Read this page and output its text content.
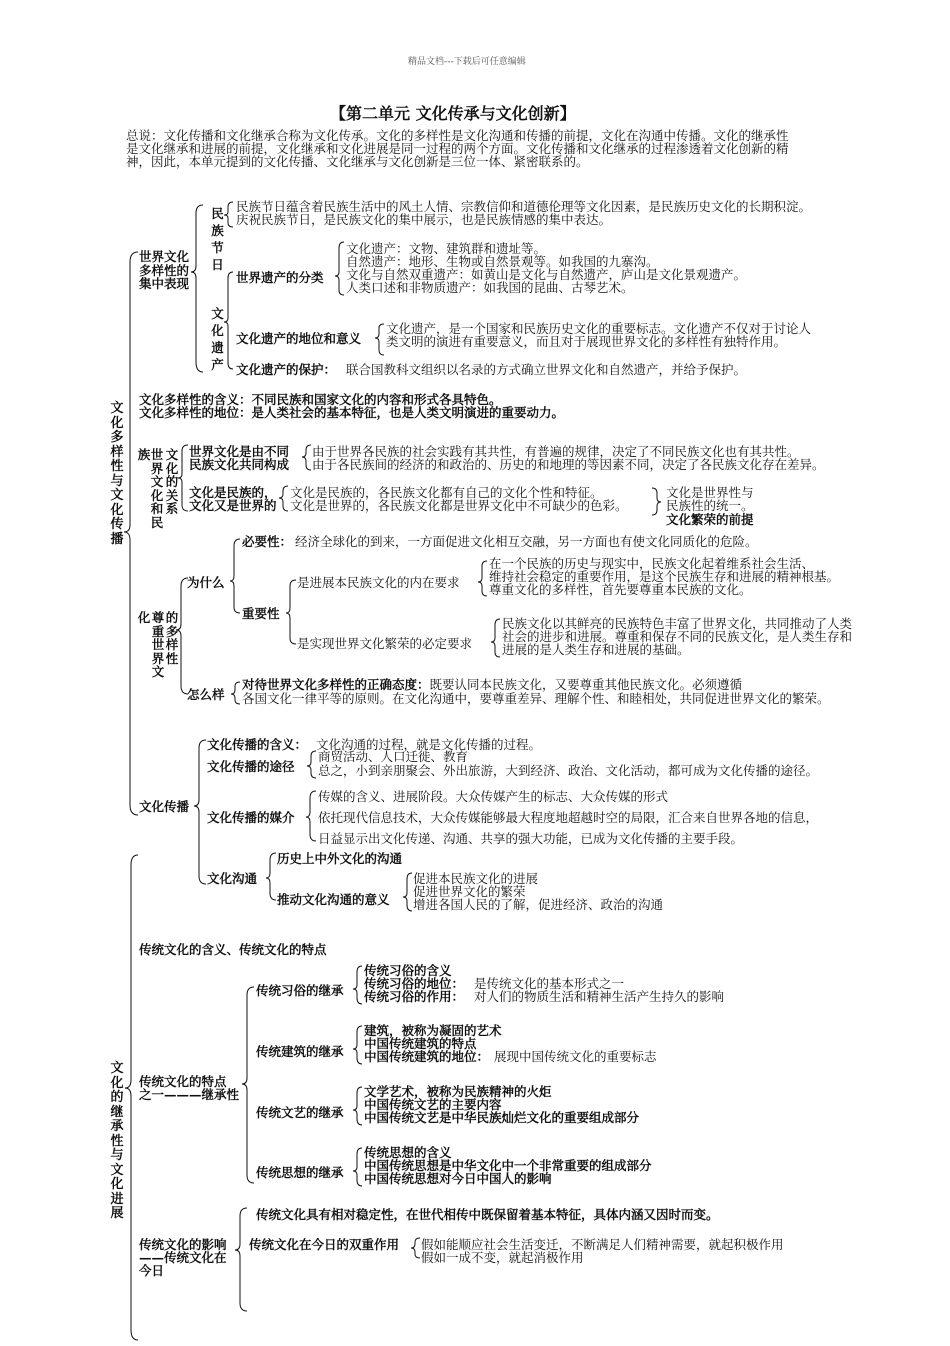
精品文档---下载后可任意编辑
【第二单元 文化传承与文化创新】
总说：文化传播和文化继承合称为文化传承。文化的多样性是文化沟通和传播的前提，文化在沟通中传播。文化的继承性
是文化继承和进展的前提，文化继承和文化进展是同一过程的两个方面。文化传播和文化继承的过程渗透着文化创新的精
神，因此，本单元提到的文化传播、文化继承与文化创新是三位一体、紧密联系的。
文化多样性与文化传播
世界文化
多样性的
集中表现
民族节日
民族节日蕴含着民族生活中的风土人情、宗教信仰和道德伦理等文化因素，是民族历史文化的长期积淀。
庆祝民族节日，是民族文化的集中展示，也是民族情感的集中表达。
文化遗产
世界遗产的分类
文化遗产：文物、建筑群和遗址等。
自然遗产：地形、生物或自然景观等。如我国的九寨沟。
文化与自然双重遗产：如黄山是文化与自然遗产，庐山是文化景观遗产。
人类口述和非物质遗产：如我国的昆曲、古琴艺术。
文化遗产的地位和意义
文化遗产，是一个国家和民族历史文化的重要标志。文化遗产不仅对于讨论人
类文明的演进有重要意义，而且对于展现世界文化的多样性有独特作用。
文化遗产的保护： 联合国教科文组织以名录的方式确立世界文化和自然遗产，并给予保护。
文化多样性的含义：不同民族和国家文化的内容和形式各具特色。
文化多样性的地位：是人类社会的基本特征，也是人类文明演进的重要动力。
族 世界文化和民
文化的关系
世界文化是由不同
民族文化共同构成
由于世界各民族的社会实践有其共性，有普遍的规律，决定了不同民族文化也有其共性。
由于各民族间的经济的和政治的、历史的和地理的等因素不同，决定了各民族文化存在差异。
文化是民族的，
文化又是世界的
文化是民族的，各民族文化都有自己的文化个性和特征。
文化是世界的，各民族文化都是世界文化中不可缺少的色彩。
文化是世界性与
民族性的统一。
文化繁荣的前提
化 尊重世界文
的多样性
为什么
必要性： 经济全球化的到来，一方面促进文化相互交融，另一方面也有使文化同质化的危险。
重要性
是进展本民族文化的内在要求
在一个民族的历史与现实中，民族文化起着维系社会生活、
维持社会稳定的重要作用，是这个民族生存和进展的精神根基。
尊重文化的多样性，首先要尊重本民族的文化。
是实现世界文化繁荣的必定要求
民族文化以其鲜亮的民族特色丰富了世界文化，共同推动了人类
社会的进步和进展。尊重和保存不同的民族文化，是人类生存和
进展的是人类生存和进展的基础。
怎么样
对待世界文化多样性的正确态度：既要认同本民族文化，又要尊重其他民族文化。必须遵循
各国文化一律平等的原则。在文化沟通中，要尊重差异、理解个性、和睦相处，共同促进世界文化的繁荣。
文化传播
文化传播的含义： 文化沟通的过程，就是文化传播的过程。
文化传播的途径
商贸活动、人口迁徙、教育
总之，小到亲朋聚会、外出旅游，大到经济、政治、文化活动，都可成为文化传播的途径。
文化传播的媒介
传媒的含义、进展阶段。大众传媒产生的标志、大众传媒的形式
依托现代信息技术，大众传媒能够最大程度地超越时空的局限，汇合来自世界各地的信息，
日益显示出文化传递、沟通、共享的强大功能，已成为文化传播的主要手段。
文化沟通
历史上中外文化的沟通
推动文化沟通的意义
促进本民族文化的进展
促进世界文化的繁荣
增进各国人民的了解，促进经济、政治的沟通
文化的继承性与文化进展
传统文化的含义、传统文化的特点
传统文化的特点
之一———继承性
传统习俗的继承
传统习俗的含义
传统习俗的地位：
传统习俗的作用：
是传统文化的基本形式之一
对人们的物质生活和精神生活产生持久的影响
传统建筑的继承
建筑，被称为凝固的艺术
中国传统建筑的特点
中国传统建筑的地位： 展现中国传统文化的重要标志
传统文艺的继承
文学艺术，被称为民族精神的火炬
中国传统文艺的主要内容
中国传统文艺是中华民族灿烂文化的重要组成部分
传统思想的继承
传统思想的含义
中国传统思想是中华文化中一个非常重要的组成部分
中国传统思想对今日中国人的影响
传统文化具有相对稳定性，在世代相传中既保留着基本特征，具体内涵又因时而变。
传统文化的影响
——传统文化在
今日
传统文化在今日的双重作用 假如能顺应社会生活变迁，不断满足人们精神需要，就起积极作用
假如一成不变，就起消极作用
